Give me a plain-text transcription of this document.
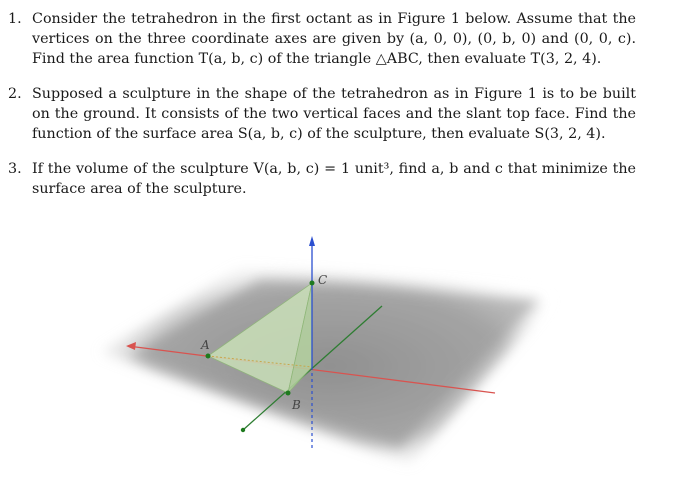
1. Consider the tetrahedron in the first octant as in Figure 1 below. Assume that the vertices on the three coordinate axes are given by (a, 0, 0), (0, b, 0) and (0, 0, c). Find the area function T(a, b, c) of the triangle △ABC, then evaluate T(3, 2, 4).
2. Supposed a sculpture in the shape of the tetrahedron as in Figure 1 is to be built on the ground. It consists of the two vertical faces and the slant top face. Find the function of the surface area S(a, b, c) of the sculpture, then evaluate S(3, 2, 4).
3. If the volume of the sculpture V(a, b, c) = 1 unit³, find a, b and c that minimize the surface area of the sculpture.
A
B
C
